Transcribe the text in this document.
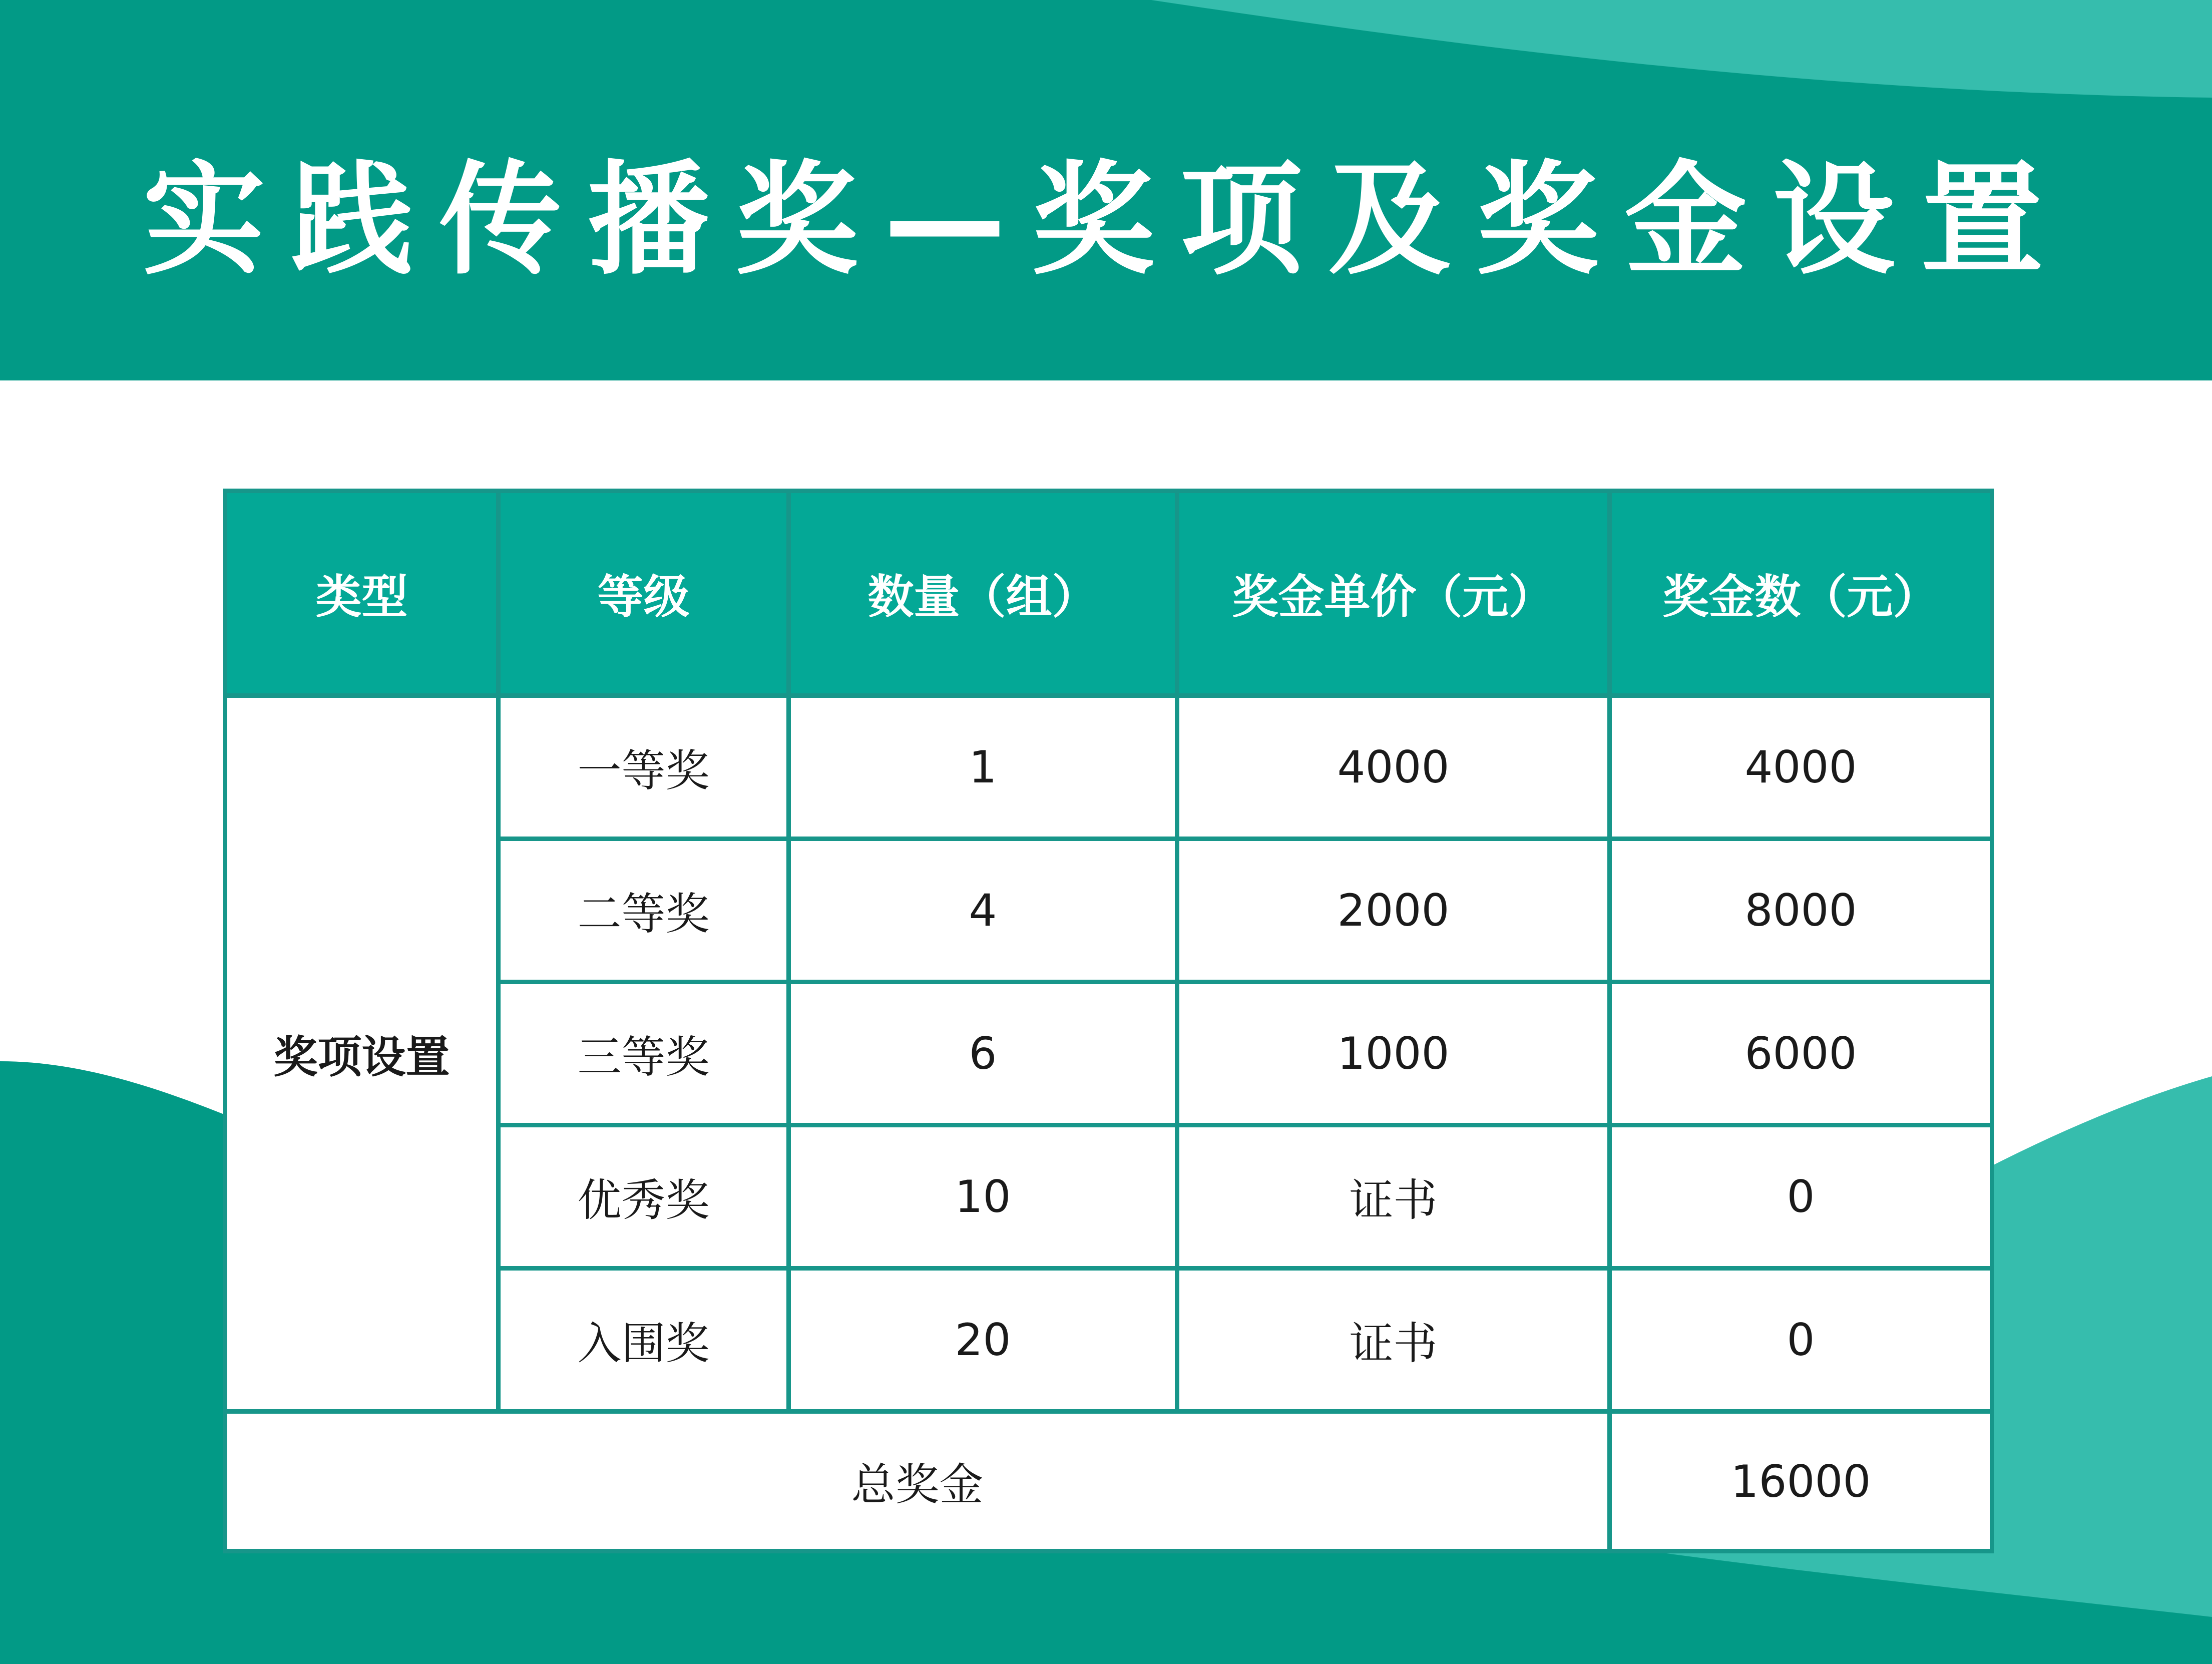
实践传播奖—奖项及奖金设置
类型	等级	数量（组）	奖金单价（元）	奖金数（元）
奖项设置	一等奖	1	4000	4000
	二等奖	4	2000	8000
	三等奖	6	1000	6000
	优秀奖	10	证书	0
	入围奖	20	证书	0
总奖金				16000
